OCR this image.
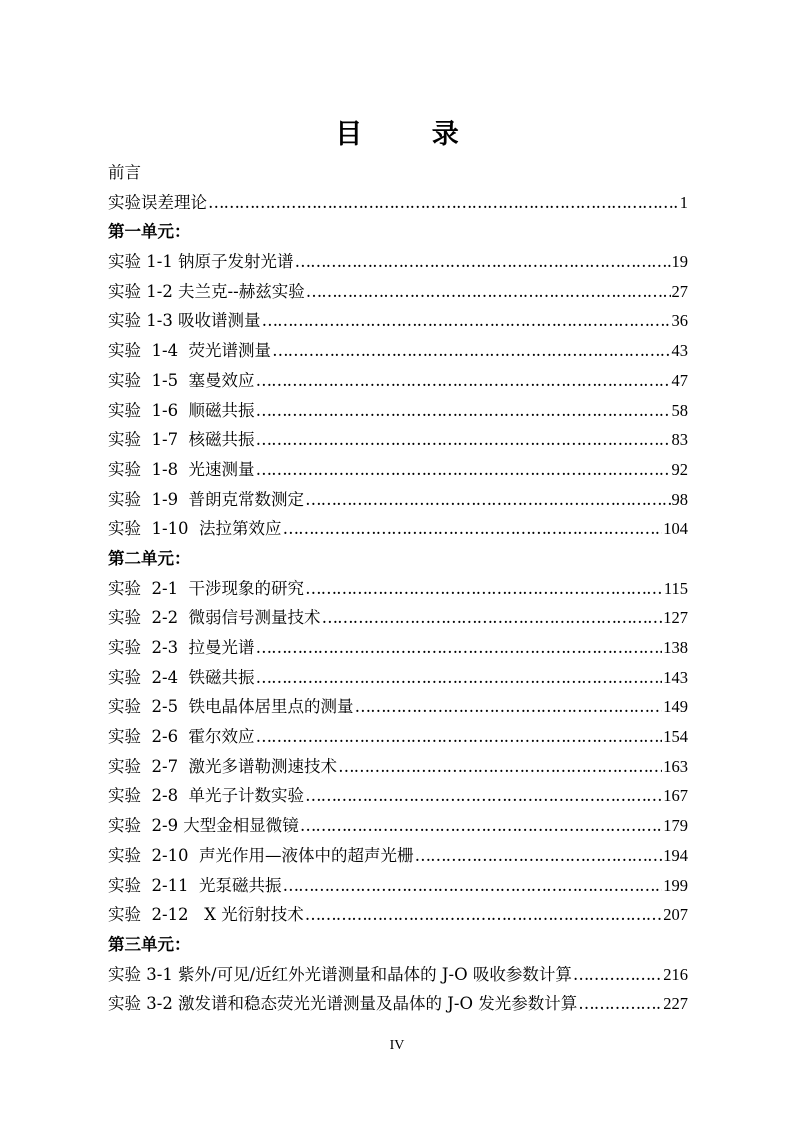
目 录
前言
实验误差理论 …………………………………………………………………………………………………………………………	1
第一单元：
实验 1-1 钠原子发射光谱 …………………………………………………………………………………………………………………………	19
实验 1-2 夫兰克--赫兹实验 …………………………………………………………………………………………………………………………	27
实验 1-3 吸收谱测量 …………………………………………………………………………………………………………………………	36
实验  1-4  荧光谱测量 …………………………………………………………………………………………………………………………	43
实验  1-5  塞曼效应 …………………………………………………………………………………………………………………………	47
实验  1-6  顺磁共振 …………………………………………………………………………………………………………………………	58
实验  1-7  核磁共振 …………………………………………………………………………………………………………………………	83
实验  1-8  光速测量 …………………………………………………………………………………………………………………………	92
实验  1-9  普朗克常数测定 …………………………………………………………………………………………………………………………	98
实验  1-10  法拉第效应 …………………………………………………………………………………………………………………………	104
第二单元：
实验  2-1  干涉现象的研究 …………………………………………………………………………………………………………………………	115
实验  2-2  微弱信号测量技术 …………………………………………………………………………………………………………………………	127
实验  2-3  拉曼光谱 …………………………………………………………………………………………………………………………	138
实验  2-4  铁磁共振 …………………………………………………………………………………………………………………………	143
实验  2-5  铁电晶体居里点的测量 …………………………………………………………………………………………………………………………	149
实验  2-6  霍尔效应 …………………………………………………………………………………………………………………………	154
实验  2-7  激光多谱勒测速技术 …………………………………………………………………………………………………………………………	163
实验  2-8  单光子计数实验 …………………………………………………………………………………………………………………………	167
实验  2-9 大型金相显微镜 …………………………………………………………………………………………………………………………	179
实验  2-10  声光作用—液体中的超声光栅 …………………………………………………………………………………………………………………………	194
实验  2-11  光泵磁共振 …………………………………………………………………………………………………………………………	199
实验  2-12   X 光衍射技术 …………………………………………………………………………………………………………………………	207
第三单元：
实验 3-1 紫外/可见/近红外光谱测量和晶体的 J-O 吸收参数计算 …………………………………………………………………………………………………………………………	216
实验 3-2 激发谱和稳态荧光光谱测量及晶体的 J-O 发光参数计算 …………………………………………………………………………………………………………………………	227
IV
